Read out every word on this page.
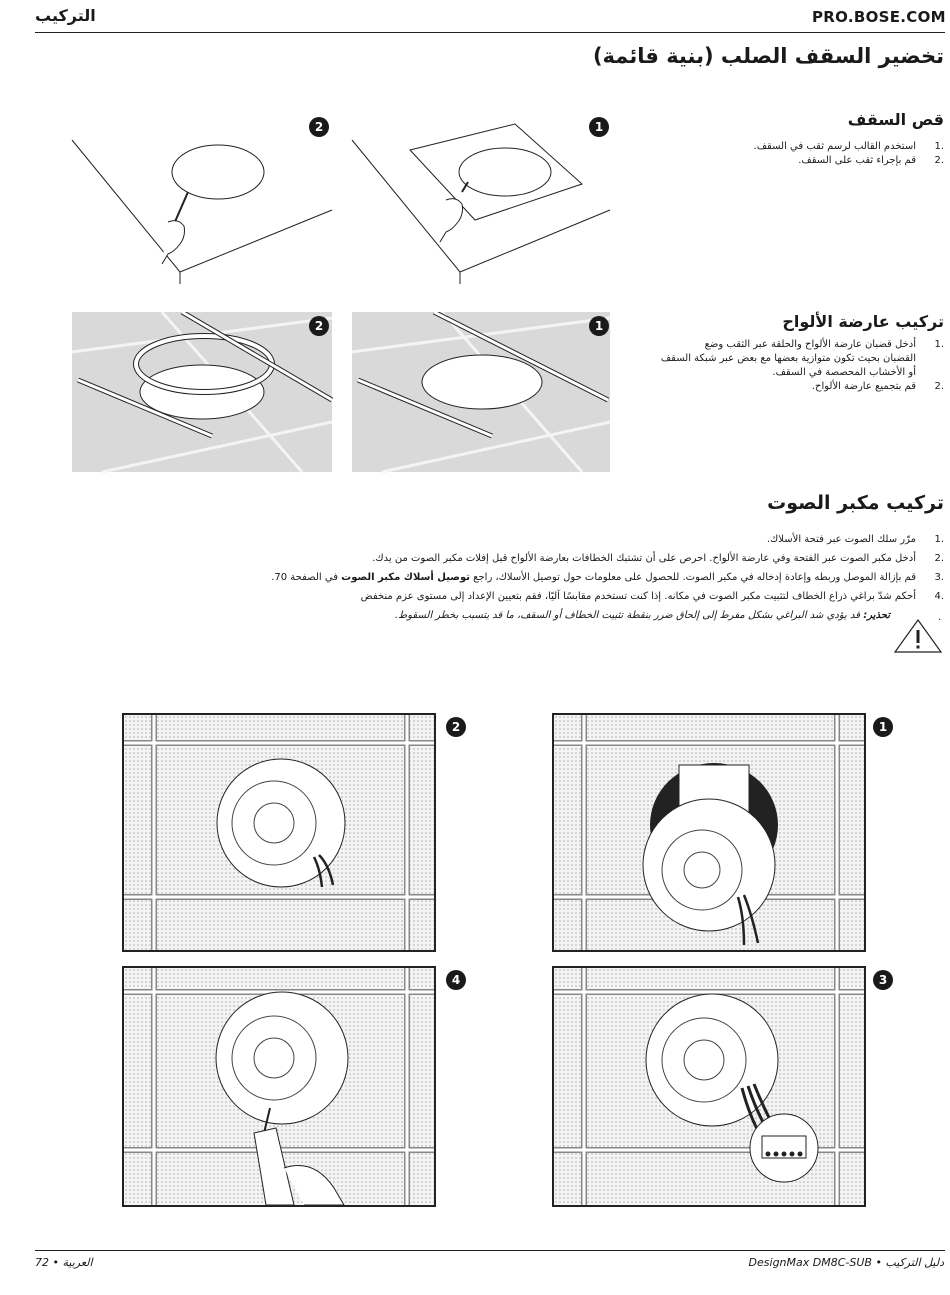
التركيب	PRO.BOSE.COM
تخضير السقف الصلب (بنية قائمة)
قص السقف
.1
استخدم القالب لرسم ثقب في السقف.
.2
قم بإجراء ثقب على السقف.
2	1
تركيب عارضة الألواح
.1
أدخل قضبان عارضة الألواح والحلقة عبر الثقب وضع
القضبان بحيث تكون متوازية بعضها مع بعض عبر شبكة السقف
أو الأخشاب المحصصة في السقف.
.2
قم بتجميع عارضة الألواح.
2	1
تركيب مكبر الصوت
.1
مرّر سلك الصوت عبر فتحة الأسلاك.
.2
أدخل مكبر الصوت عبر الفتحة وفي عارضة الألواح. احرص على أن تشتبك الخطافات بعارضة الألواح قبل إفلات مكبر الصوت من يدك.
.3
قم بإزالة الموصل وربطه وإعادة إدخاله في مكبر الصوت. للحصول على معلومات حول توصيل الأسلاك، راجع توصيل أسلاك مكبر الصوت في الصفحة 70.
.4
أحكم شدّ براغي ذراع الخطاف لتثبيت مكبر الصوت في مكانه. إذا كنت تستخدم مقابسًا آليًا، فقم بتعيين الإعداد إلى مستوى عزم منخفض
تحذير: قد يؤدي شد البراغي بشكل مفرط إلى إلحاق ضرر بنقطة تثبيت الخطاف أو السقف، ما قد يتسبب بخطر السقوط.	.
2	1
4	3
العربية • 72	دليل التركيب • DesignMax DM8C-SUB
